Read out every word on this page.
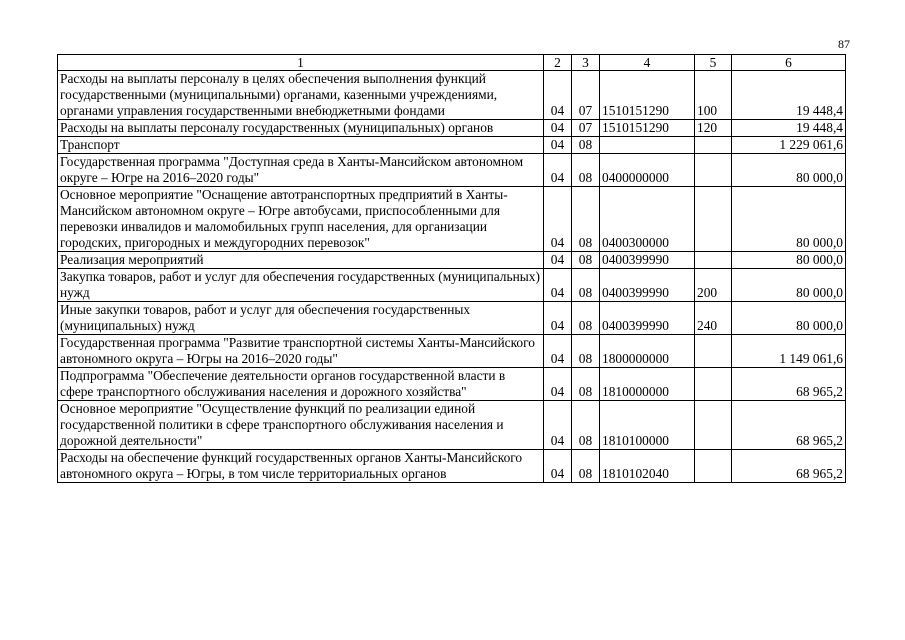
87
1	2	3	4	5	6
Расходы на выплаты персоналу в целях обеспечения выполнения функций государственными (муниципальными) органами, казенными учреждениями, органами управления государственными внебюджетными фондами	04	07	1510151290	100	19 448,4
Расходы на выплаты персоналу государственных (муниципальных) органов	04	07	1510151290	120	19 448,4
Транспорт	04	08			1 229 061,6
Государственная программа "Доступная среда в Ханты-Мансийском автономном округе – Югре на 2016–2020 годы"	04	08	0400000000		80 000,0
Основное мероприятие "Оснащение автотранспортных предприятий в Ханты-Мансийском автономном округе – Югре автобусами, приспособленными для перевозки инвалидов и маломобильных групп населения, для организации городских, пригородных и междугородних перевозок"	04	08	0400300000		80 000,0
Реализация мероприятий	04	08	0400399990		80 000,0
Закупка товаров, работ и услуг для обеспечения государственных (муниципальных) нужд	04	08	0400399990	200	80 000,0
Иные закупки товаров, работ и услуг для обеспечения государственных (муниципальных) нужд	04	08	0400399990	240	80 000,0
Государственная программа "Развитие транспортной системы Ханты-Мансийского автономного округа – Югры на 2016–2020 годы"	04	08	1800000000		1 149 061,6
Подпрограмма "Обеспечение деятельности органов государственной власти в сфере транспортного обслуживания населения и дорожного хозяйства"	04	08	1810000000		68 965,2
Основное мероприятие "Осуществление функций по реализации единой государственной политики в сфере транспортного обслуживания населения и дорожной деятельности"	04	08	1810100000		68 965,2
Расходы на обеспечение функций государственных органов Ханты-Мансийского автономного округа – Югры, в том числе территориальных органов	04	08	1810102040		68 965,2
